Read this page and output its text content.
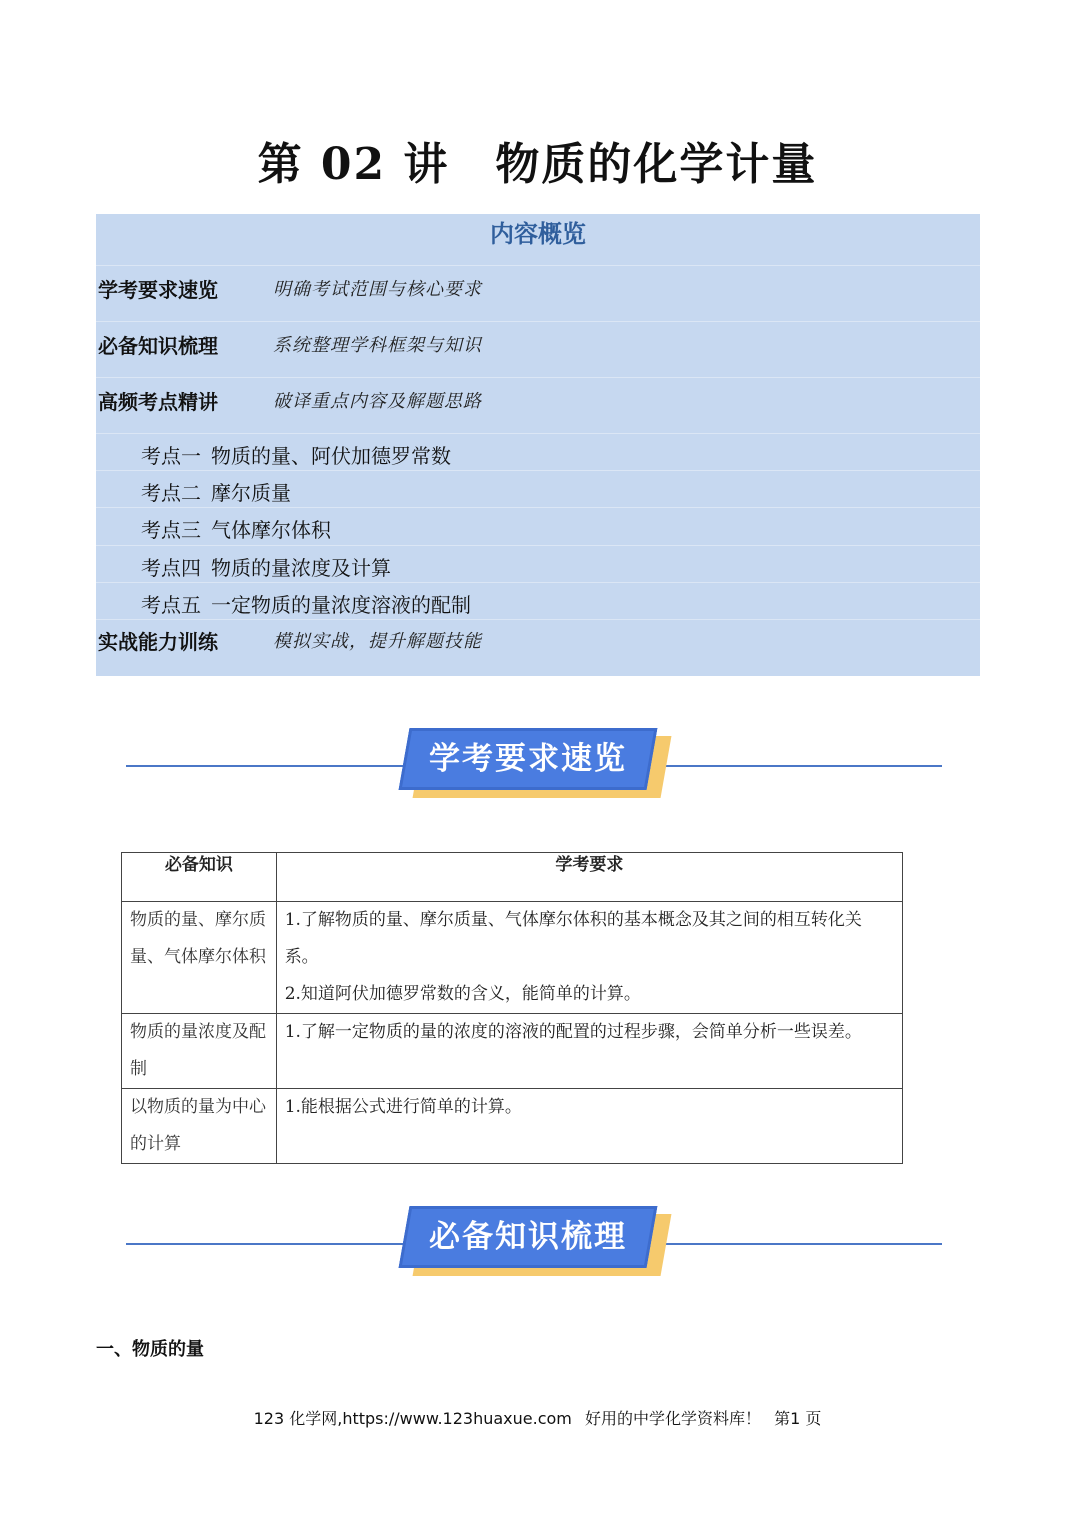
第 02 讲　物质的化学计量
内容概览
学考要求速览	明确考试范围与核心要求
必备知识梳理	系统整理学科框架与知识
高频考点精讲	破译重点内容及解题思路
考点一 物质的量、阿伏加德罗常数
考点二 摩尔质量
考点三 气体摩尔体积
考点四 物质的量浓度及计算
考点五 一定物质的量浓度溶液的配制
实战能力训练	模拟实战，提升解题技能
学考要求速览
必备知识	学考要求
物质的量、摩尔质量、气体摩尔体积	1.了解物质的量、摩尔质量、气体摩尔体积的基本概念及其之间的相互转化关系。
2.知道阿伏加德罗常数的含义，能简单的计算。

物质的量浓度及配制	1.了解一定物质的量的浓度的溶液的配置的过程步骤，会简单分析一些误差。

以物质的量为中心的计算	1.能根据公式进行简单的计算。
必备知识梳理
一、物质的量
123 化学网,https://www.123huaxue.com 好用的中学化学资料库！ 第1 页
